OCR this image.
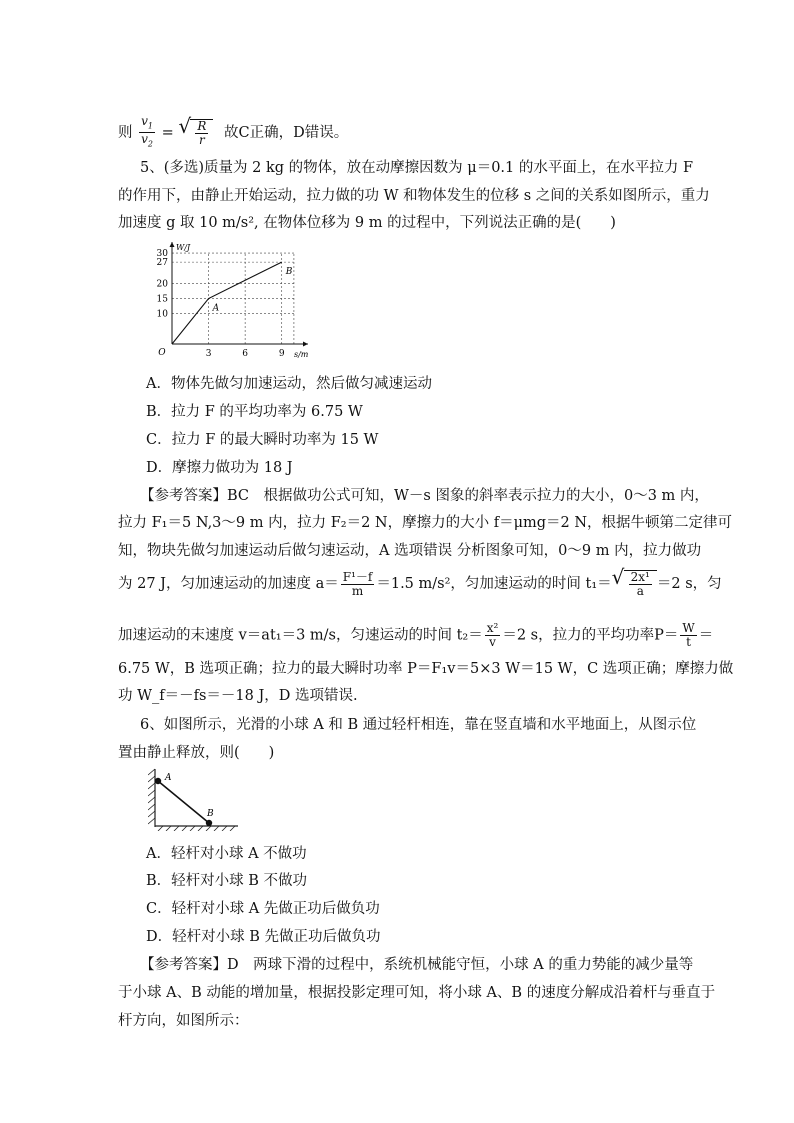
则 $\frac{v_1}{v_2}$ = √ $\frac{R}{r}$ 故C正确，D错误。
5、(多选)质量为 2 kg 的物体，放在动摩擦因数为 μ＝0.1 的水平面上，在水平拉力 F
的作用下，由静止开始运动，拉力做的功 W 和物体发生的位移 s 之间的关系如图所示，重力
加速度 g 取 10 m/s², 在物体位移为 9 m 的过程中，下列说法正确的是(　　)
10
15
20
27
30
3	6	9
O	s/m
W/J
A
B
A．物体先做匀加速运动，然后做匀减速运动
B．拉力 F 的平均功率为 6.75 W
C．拉力 F 的最大瞬时功率为 15 W
D．摩擦力做功为 18 J
【参考答案】BC　根据做功公式可知，W－s 图象的斜率表示拉力的大小，0～3 m 内，
拉力 F₁＝5 N,3～9 m 内，拉力 F₂＝2 N，摩擦力的大小 f＝μmg＝2 N，根据牛顿第二定律可
知，物块先做匀加速运动后做匀速运动，A 选项错误 分析图象可知，0～9 m 内，拉力做功
为 27 J，匀加速运动的加速度 $a= \frac{\text{F¹－f}}{m} =1.5$ m/s²，匀加速运动的时间 t₁＝ √ $\frac{\text{2x¹}}{a} =2$ s，匀
加速运动的末速度 v＝at₁＝3 m/s，匀速运动的时间 $t_2= \frac{\text{x²}}{v} =2$ s，拉力的平均功率$P= \frac{W}{t}$ ＝
6.75 W，B 选项正确；拉力的最大瞬时功率 P＝F₁v＝5×3 W＝15 W，C 选项正确；摩擦力做
功 W_f＝－fs＝－18 J，D 选项错误.
6、如图所示，光滑的小球 A 和 B 通过轻杆相连，靠在竖直墙和水平地面上，从图示位
置由静止释放，则(　　)
A
B
A．轻杆对小球 A 不做功
B．轻杆对小球 B 不做功
C．轻杆对小球 A 先做正功后做负功
D．轻杆对小球 B 先做正功后做负功
【参考答案】D　两球下滑的过程中，系统机械能守恒，小球 A 的重力势能的减少量等
于小球 A、B 动能的增加量，根据投影定理可知，将小球 A、B 的速度分解成沿着杆与垂直于
杆方向，如图所示：
